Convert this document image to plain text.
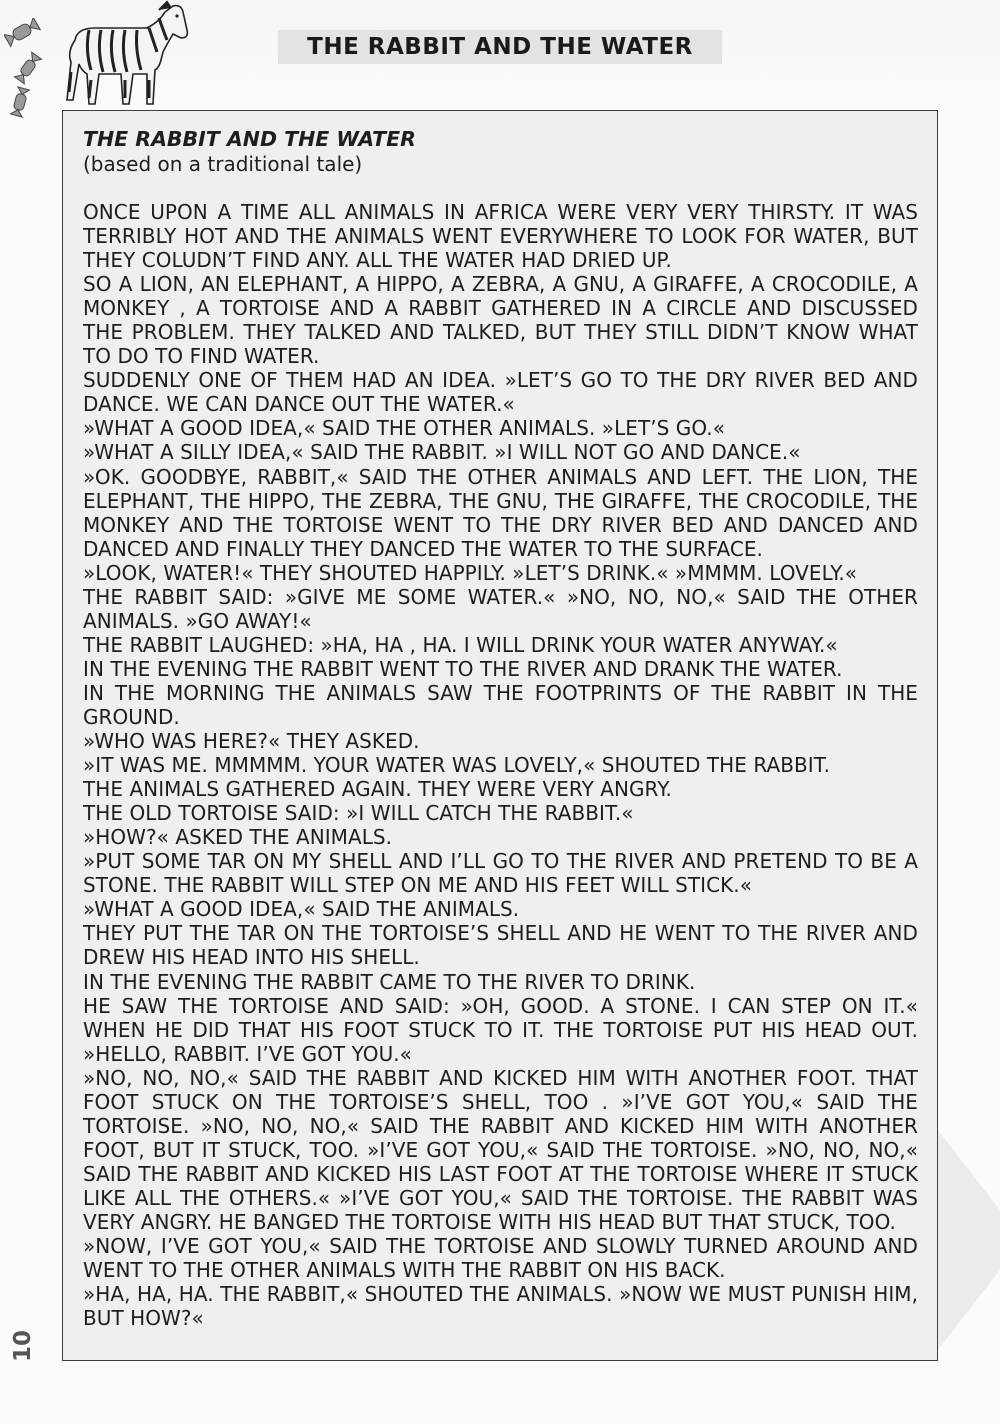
THE RABBIT AND THE WATER
THE RABBIT AND THE WATER
(based on a traditional tale)

ONCE UPON A TIME ALL ANIMALS IN AFRICA WERE VERY VERY THIRSTY. IT WAS TERRIBLY HOT AND THE ANIMALS WENT EVERYWHERE TO LOOK FOR WATER, BUT THEY COLUDN’T FIND ANY. ALL THE WATER HAD DRIED UP.

SO A LION, AN ELEPHANT, A HIPPO, A ZEBRA, A GNU, A GIRAFFE, A CROCODILE, A MONKEY , A TORTOISE AND A RABBIT GATHERED IN A CIRCLE AND DISCUSSED THE PROBLEM. THEY TALKED AND TALKED, BUT THEY STILL DIDN’T KNOW WHAT TO DO TO FIND WATER.

SUDDENLY ONE OF THEM HAD AN IDEA. »LET’S GO TO THE DRY RIVER BED AND DANCE. WE CAN DANCE OUT THE WATER.«

»WHAT A GOOD IDEA,« SAID THE OTHER ANIMALS. »LET’S GO.«

»WHAT A SILLY IDEA,« SAID THE RABBIT. »I WILL NOT GO AND DANCE.«

»OK. GOODBYE, RABBIT,« SAID THE OTHER ANIMALS AND LEFT. THE LION, THE ELEPHANT, THE HIPPO, THE ZEBRA, THE GNU, THE GIRAFFE, THE CROCODILE, THE MONKEY AND THE TORTOISE WENT TO THE DRY RIVER BED AND DANCED AND DANCED AND FINALLY THEY DANCED THE WATER TO THE SURFACE.

»LOOK, WATER!« THEY SHOUTED HAPPILY. »LET’S DRINK.« »MMMM. LOVELY.«

THE RABBIT SAID: »GIVE ME SOME WATER.« »NO, NO, NO,« SAID THE OTHER ANIMALS. »GO AWAY!«

THE RABBIT LAUGHED: »HA, HA , HA. I WILL DRINK YOUR WATER ANYWAY.«

IN THE EVENING THE RABBIT WENT TO THE RIVER AND DRANK THE WATER.

IN THE MORNING THE ANIMALS SAW THE FOOTPRINTS OF THE RABBIT IN THE GROUND.

»WHO WAS HERE?« THEY ASKED.

»IT WAS ME. MMMMM. YOUR WATER WAS LOVELY,« SHOUTED THE RABBIT.

THE ANIMALS GATHERED AGAIN. THEY WERE VERY ANGRY.

THE OLD TORTOISE SAID: »I WILL CATCH THE RABBIT.«

»HOW?« ASKED THE ANIMALS.

»PUT SOME TAR ON MY SHELL AND I’LL GO TO THE RIVER AND PRETEND TO BE A STONE. THE RABBIT WILL STEP ON ME AND HIS FEET WILL STICK.«

»WHAT A GOOD IDEA,« SAID THE ANIMALS.

THEY PUT THE TAR ON THE TORTOISE’S SHELL AND HE WENT TO THE RIVER AND DREW HIS HEAD INTO HIS SHELL.

IN THE EVENING THE RABBIT CAME TO THE RIVER TO DRINK.

HE SAW THE TORTOISE AND SAID: »OH, GOOD. A STONE. I CAN STEP ON IT.« WHEN HE DID THAT HIS FOOT STUCK TO IT. THE TORTOISE PUT HIS HEAD OUT. »HELLO, RABBIT. I’VE GOT YOU.«

»NO, NO, NO,« SAID THE RABBIT AND KICKED HIM WITH ANOTHER FOOT. THAT FOOT STUCK ON THE TORTOISE’S SHELL, TOO . »I’VE GOT YOU,« SAID THE TORTOISE. »NO, NO, NO,« SAID THE RABBIT AND KICKED HIM WITH ANOTHER FOOT, BUT IT STUCK, TOO. »I’VE GOT YOU,« SAID THE TORTOISE. »NO, NO, NO,« SAID THE RABBIT AND KICKED HIS LAST FOOT AT THE TORTOISE WHERE IT STUCK LIKE ALL THE OTHERS.« »I’VE GOT YOU,« SAID THE TORTOISE. THE RABBIT WAS VERY ANGRY. HE BANGED THE TORTOISE WITH HIS HEAD BUT THAT STUCK, TOO.

»NOW, I’VE GOT YOU,« SAID THE TORTOISE AND SLOWLY TURNED AROUND AND WENT TO THE OTHER ANIMALS WITH THE RABBIT ON HIS BACK.

»HA, HA, HA. THE RABBIT,« SHOUTED THE ANIMALS. »NOW WE MUST PUNISH HIM, BUT HOW?«

10
